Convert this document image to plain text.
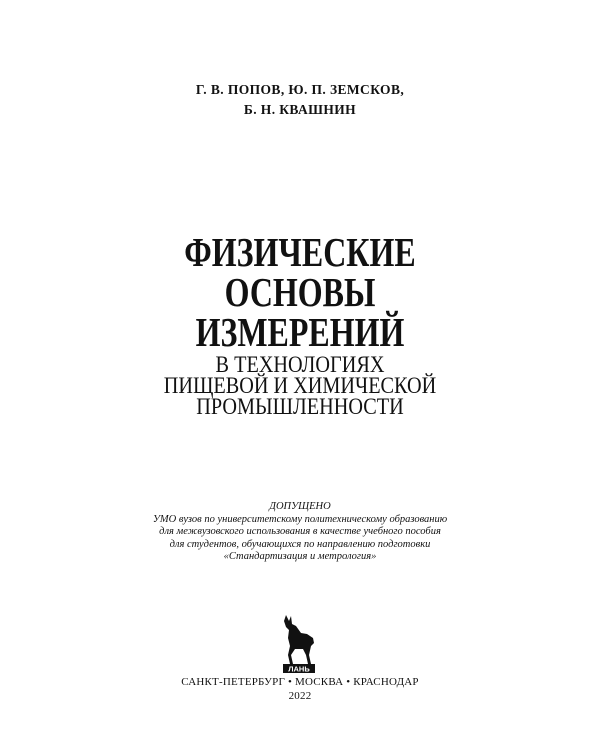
Г. В. ПОПОВ, Ю. П. ЗЕМСКОВ,
Б. Н. КВАШНИН
ФИЗИЧЕСКИЕ
ОСНОВЫ
ИЗМЕРЕНИЙ
В ТЕХНОЛОГИЯХ
ПИЩЕВОЙ И ХИМИЧЕСКОЙ
ПРОМЫШЛЕННОСТИ
ДОПУЩЕНО
УМО вузов по университетскому политехническому образованию
для межвузовского использования в качестве учебного пособия
для студентов, обучающихся по направлению подготовки
«Стандартизация и метрология»
ЛАНЬ
САНКТ-ПЕТЕРБУРГ • МОСКВА • КРАСНОДАР
2022
